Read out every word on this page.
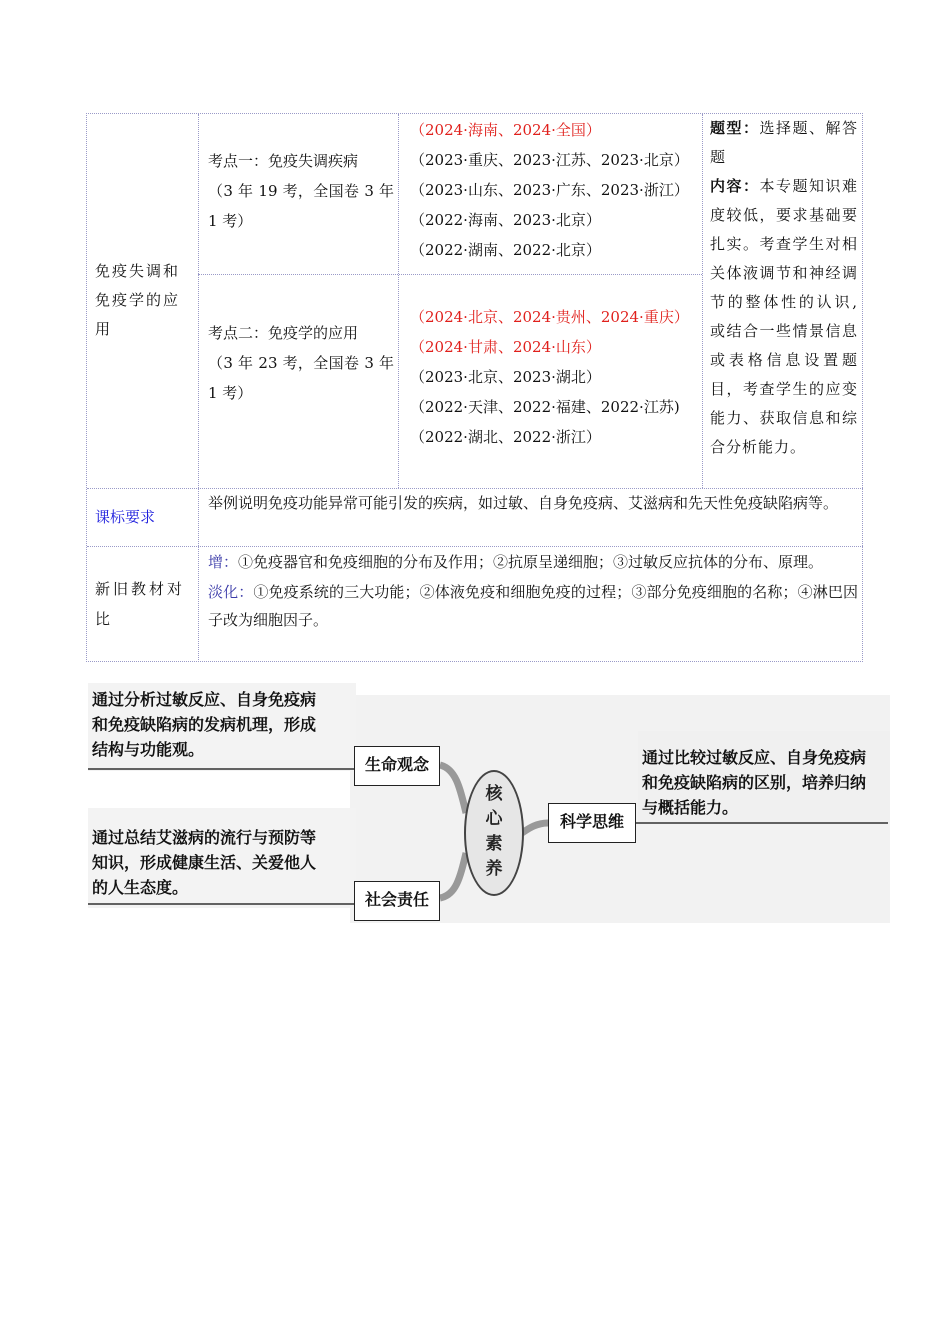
免疫失调和免疫学的应用
考点一：免疫失调疾病
（3 年 19 考，全国卷 3 年 1 考）
（2024·海南、2024·全国）
（2023·重庆、2023·江苏、2023·北京）
（2023·山东、2023·广东、2023·浙江）
（2022·海南、2023·北京）
（2022·湖南、2022·北京）
考点二：免疫学的应用
（3 年 23 考，全国卷 3 年 1 考）
（2024·北京、2024·贵州、2024·重庆）
（2024·甘肃、2024·山东）
（2023·北京、2023·湖北）
（2022·天津、2022·福建、2022·江苏)
（2022·湖北、2022·浙江）
题型：选择题、解答题
内容：本专题知识难度较低，要求基础要扎实。考查学生对相关体液调节和神经调节的整体性的认识,或结合一些情景信息或表格信息设置题目，考查学生的应变能力、获取信息和综合分析能力。
课标要求
举例说明免疫功能异常可能引发的疾病，如过敏、自身免疫病、艾滋病和先天性免疫缺陷病等。
新旧教材对比
增：①免疫器官和免疫细胞的分布及作用；②抗原呈递细胞；③过敏反应抗体的分布、原理。
淡化：①免疫系统的三大功能；②体液免疫和细胞免疫的过程；③部分免疫细胞的名称；④淋巴因子改为细胞因子。
通过分析过敏反应、自身免疫病
和免疫缺陷病的发病机理，形成
结构与功能观。
通过总结艾滋病的流行与预防等
知识，形成健康生活、关爱他人
的人生态度。
通过比较过敏反应、自身免疫病
和免疫缺陷病的区别，培养归纳
与概括能力。
生命观念
社会责任
科学思维
核
心
素
养
